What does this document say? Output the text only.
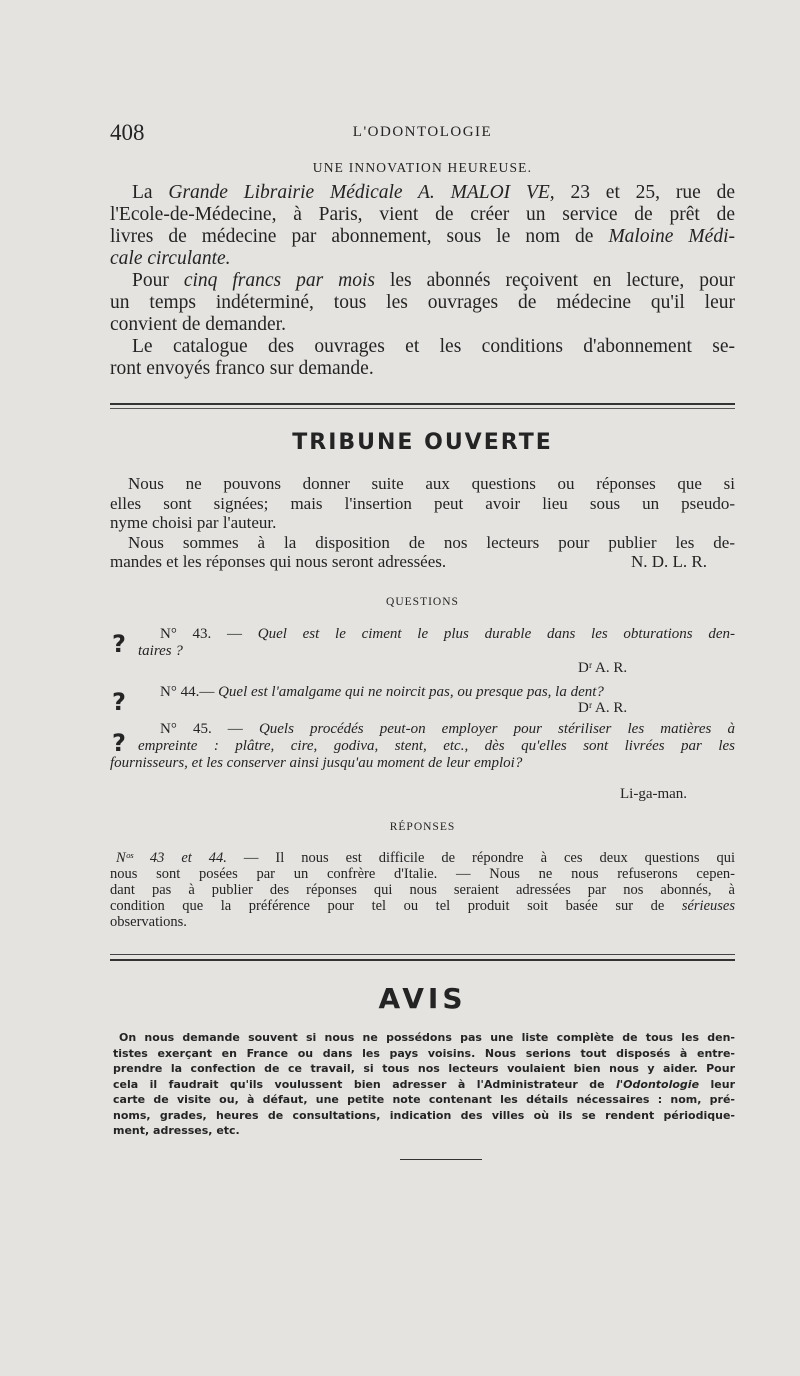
408	L'ODONTOLOGIE
UNE INNOVATION HEUREUSE.
La Grande Librairie Médicale A. MALOI VE, 23 et 25, rue de
l'Ecole-de-Médecine, à Paris, vient de créer un service de prêt de
livres de médecine par abonnement, sous le nom de Maloine Médi-
cale circulante.
Pour cinq francs par mois les abonnés reçoivent en lecture, pour
un temps indéterminé, tous les ouvrages de médecine qu'il leur
convient de demander.
Le catalogue des ouvrages et les conditions d'abonnement se-
ront envoyés franco sur demande.
TRIBUNE OUVERTE
Nous ne pouvons donner suite aux questions ou réponses que si
elles sont signées; mais l'insertion peut avoir lieu sous un pseudo-
nyme choisi par l'auteur.
Nous sommes à la disposition de nos lecteurs pour publier les de-
mandes et les réponses qui nous seront adressées.	N. D. L. R.
QUESTIONS
?	N° 43. — Quel est le ciment le plus durable dans les obturations den-
taires ?
Dʳ A. R.
? N° 44.— Quel est l'amalgame qui ne noircit pas, ou presque pas, la dent?
Dʳ A. R.
?	N° 45. — Quels procédés peut-on employer pour stériliser les matières à
empreinte : plâtre, cire, godiva, stent, etc., dès qu'elles sont livrées par les
fournisseurs, et les conserver ainsi jusqu'au moment de leur emploi?
Li-ga-man.
RÉPONSES
Nᵒˢ 43 et 44. — Il nous est difficile de répondre à ces deux questions qui
nous sont posées par un confrère d'Italie. — Nous ne nous refuserons cepen-
dant pas à publier des réponses qui nous seraient adressées par nos abonnés, à
condition que la préférence pour tel ou tel produit soit basée sur de sérieuses
observations.
AVIS
On nous demande souvent si nous ne possédons pas une liste complète de tous les den-
tistes exerçant en France ou dans les pays voisins. Nous serions tout disposés à entre-
prendre la confection de ce travail, si tous nos lecteurs voulaient bien nous y aider. Pour
cela il faudrait qu'ils voulussent bien adresser à l'Administrateur de l'Odontologie leur
carte de visite ou, à défaut, une petite note contenant les détails nécessaires : nom, pré-
noms, grades, heures de consultations, indication des villes où ils se rendent périodique-
ment, adresses, etc.
